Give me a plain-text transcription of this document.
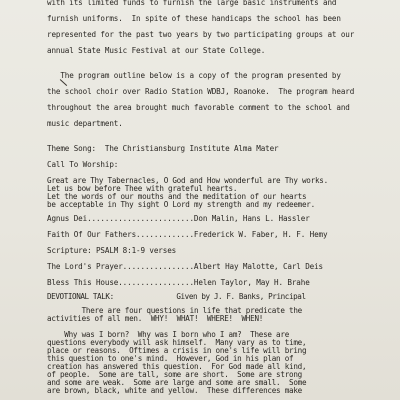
with its limited funds to furnish the large basic instruments and
furnish uniforms.  In spite of these handicaps the school has been
represented for the past two years by two participating groups at our
annual State Music Festival at our State College.
The program outline below is a copy of the program presented by
the school choir over Radio Station WDBJ, Roanoke.  The program heard
throughout the area brought much favorable comment to the school and
music department.
Theme Song:  The Christiansburg Institute Alma Mater
Call To Worship:
Great are Thy Tabernacles, O God and How wonderful are Thy works.
Let us bow before Thee with grateful hearts.
Let the words of our mouths and the meditation of our hearts
be acceptable in Thy sight O Lord my strength and my redeemer.
Agnus Dei........................Don Malin, Hans L. Hassler
Faith Of Our Fathers.............Frederick W. Faber, H. F. Hemy
Scripture: PSALM 8:1-9 verses
The Lord's Prayer................Albert Hay Malotte, Carl Deis
Bless This House.................Helen Taylor, May H. Brahe
DEVOTIONAL TALK:               Given by J. F. Banks, Principal
There are four questions in life that predicate the
activities of all men.  WHY!  WHAT!  WHERE!  WHEN!
Why was I born?  Why was I born who I am?  These are
questions everybody will ask himself.  Many vary as to time,
place or reasons.  Oftimes a crisis in one's life will bring
this question to one's mind.  However, God in his plan of
creation has answered this question.  For God made all kind,
of people.  Some are tall, some are short.  Some are strong
and some are weak.  Some are large and some are small.  Some
are brown, black, white and yellow.  These differences make
